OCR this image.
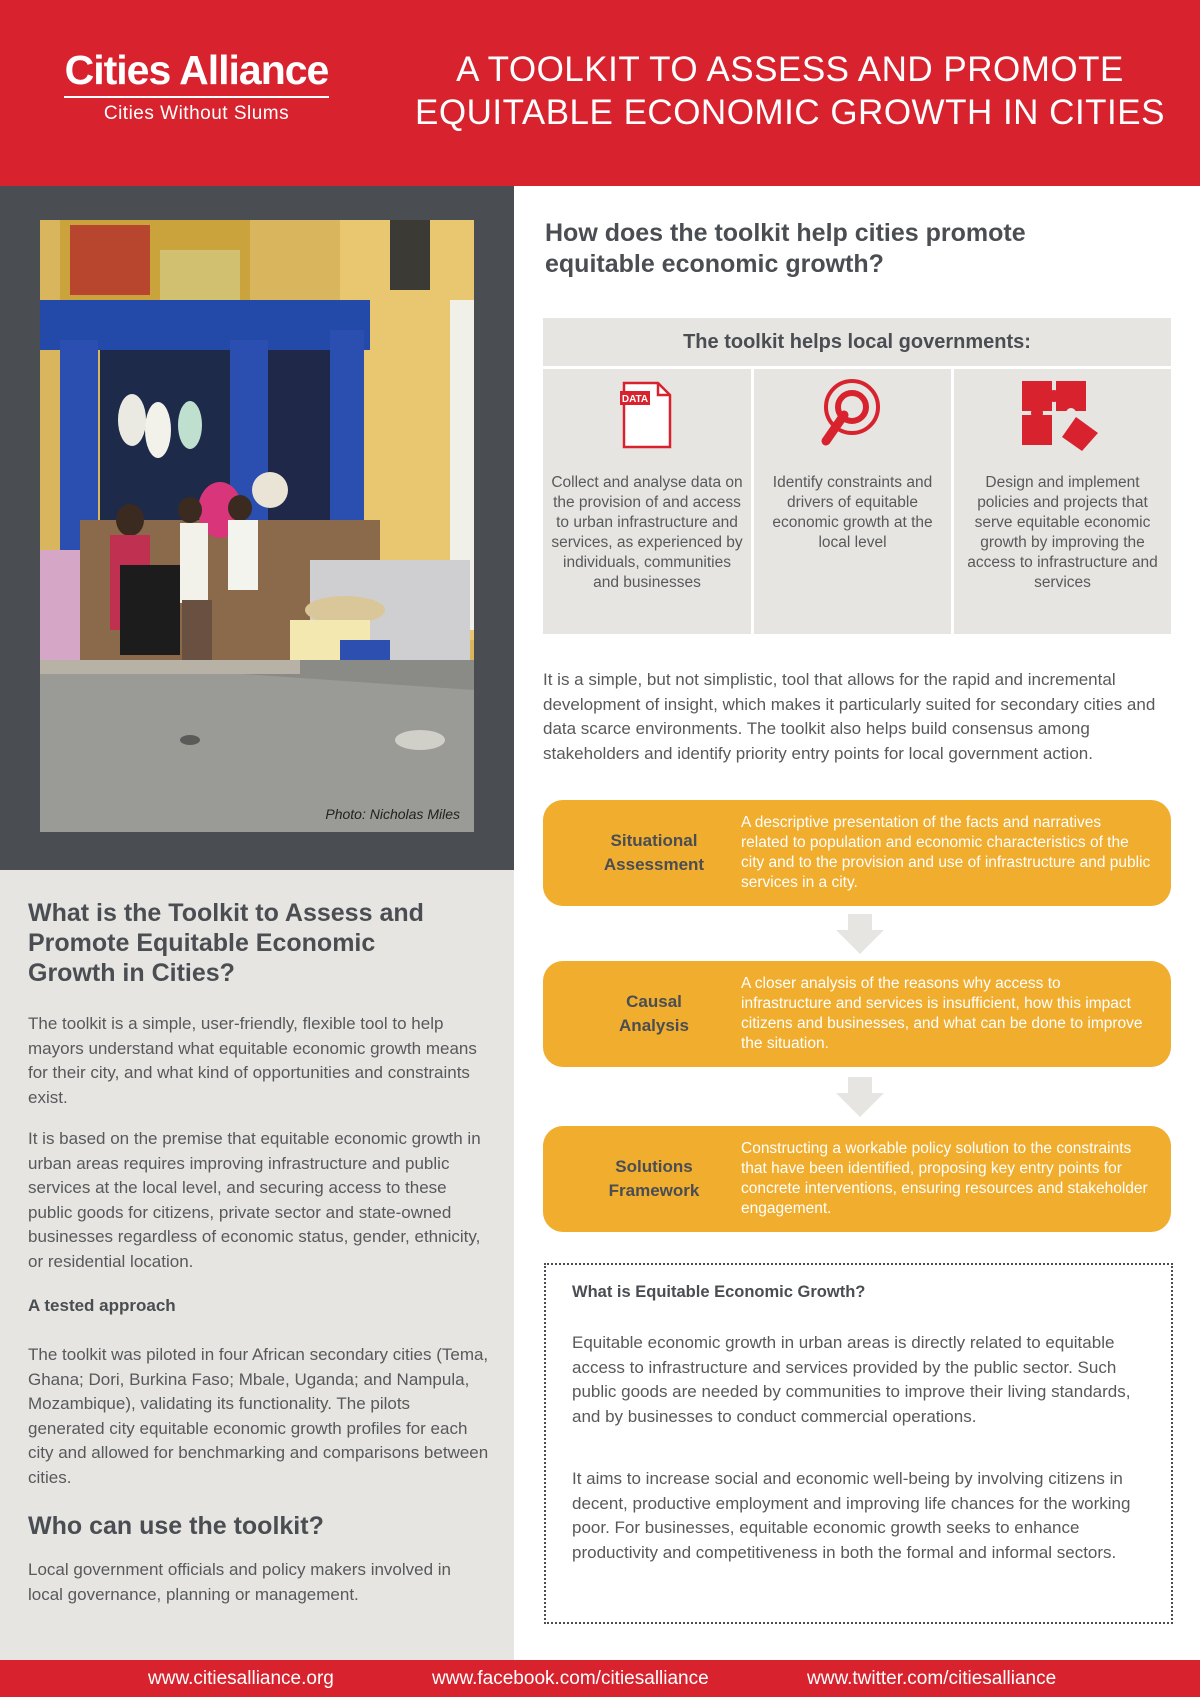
Cities Alliance
Cities Without Slums
A TOOLKIT TO ASSESS AND PROMOTE
EQUITABLE ECONOMIC GROWTH IN CITIES
Photo: Nicholas Miles
What is the Toolkit to Assess and
Promote Equitable Economic
Growth in Cities?

The toolkit is a simple, user-friendly, flexible tool to help mayors understand what equitable economic growth means for their city, and what kind of opportunities and constraints exist.

It is based on the premise that equitable economic growth in urban areas requires improving infrastructure and public services at the local level, and securing access to these public goods for citizens, private sector and state-owned businesses regardless of economic status, gender, ethnicity, or residential location.

A tested approach

The toolkit was piloted in four African secondary cities (Tema, Ghana; Dori, Burkina Faso; Mbale, Uganda; and Nampula, Mozambique), validating its functionality. The pilots generated city equitable economic growth profiles for each city and allowed for benchmarking and comparisons between cities.

Who can use the toolkit?

Local government officials and policy makers involved in local governance, planning or management.

How does the toolkit help cities promote
equitable economic growth?
The toolkit helps local governments:
DATA
Collect and analyse data on the provision of and access to urban infrastructure and services, as experienced by individuals, communities and businesses
Identify constraints and drivers of equitable economic growth at the local level
Design and implement policies and projects that serve equitable economic growth by improving the access to infrastructure and services

It is a simple, but not simplistic, tool that allows for the rapid and incremental development of insight, which makes it particularly suited for secondary cities and data scarce environments. The toolkit also helps build consensus among stakeholders and identify priority entry points for local government action.

Situational
Assessment
A descriptive presentation of the facts and narratives related to population and economic characteristics of the city and to the provision and use of infrastructure and public services in a city.
Causal
Analysis
A closer analysis of the reasons why access to infrastructure and services is insufficient, how this impact citizens and businesses, and what can be done to improve the situation.
Solutions
Framework
Constructing a workable policy solution to the constraints that have been identified, proposing key entry points for concrete interventions, ensuring resources and stakeholder engagement.
What is Equitable Economic Growth?

Equitable economic growth in urban areas is directly related to equitable access to infrastructure and services provided by the public sector. Such public goods are needed by communities to improve their living standards, and by businesses to conduct commercial operations.

It aims to increase social and economic well-being by involving citizens in decent, productive employment and improving life chances for the working poor. For businesses, equitable economic growth seeks to enhance productivity and competitiveness in both the formal and informal sectors.

www.citiesalliance.org	www.facebook.com/citiesalliance	www.twitter.com/citiesalliance
